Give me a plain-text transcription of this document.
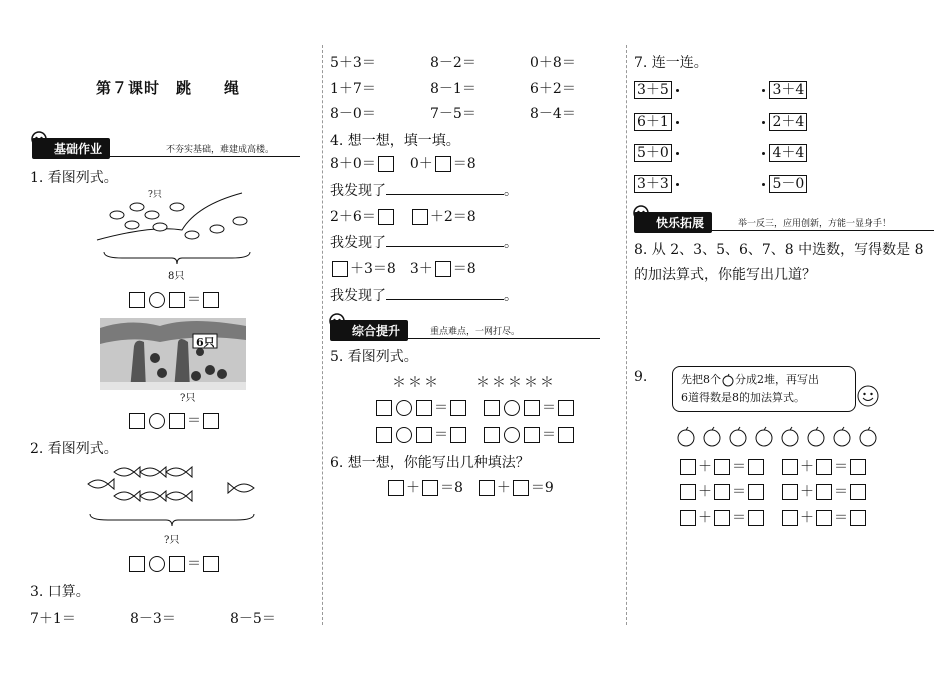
第７课时　跳　　绳
基础作业	不夯实基础，难建成高楼。
1. 看图列式。
?只
8只
＝
6只
?只
＝
2. 看图列式。
?只
＝
3. 口算。
7＋1＝	8－3＝	8－5＝
5＋3＝	8－2＝	0＋8＝
1＋7＝	8－1＝	6＋2＝
8－0＝	7－5＝	8－4＝
4. 想一想，填一填。
8＋0＝　 0＋ ＝8
我发现了	。
2＋6＝　	＋2＝8
我发现了	。
＋3＝8　 3＋ ＝8
我发现了	。
综合提升	重点难点，一网打尽。
5. 看图列式。
＊＊＊	＊＊＊＊＊
＝　	＝
＝　	＝
6. 想一想，你能写出几种填法？
＋ ＝8　 ＋ ＝9
7. 连一连。
3＋5	3＋4
6＋1	2＋4
5＋0	4＋4
3＋3	5－0
快乐拓展	举一反三，应用创新，方能一显身手！
8. 从 2、3、5、6、7、8 中选数，写得数是 8
的加法算式，你能写出几道？
9.	先把8个 分成2堆，再写出
6道得数是8的加法算式。
＋ ＝　	＋ ＝
＋ ＝　	＋ ＝
＋ ＝　	＋ ＝
